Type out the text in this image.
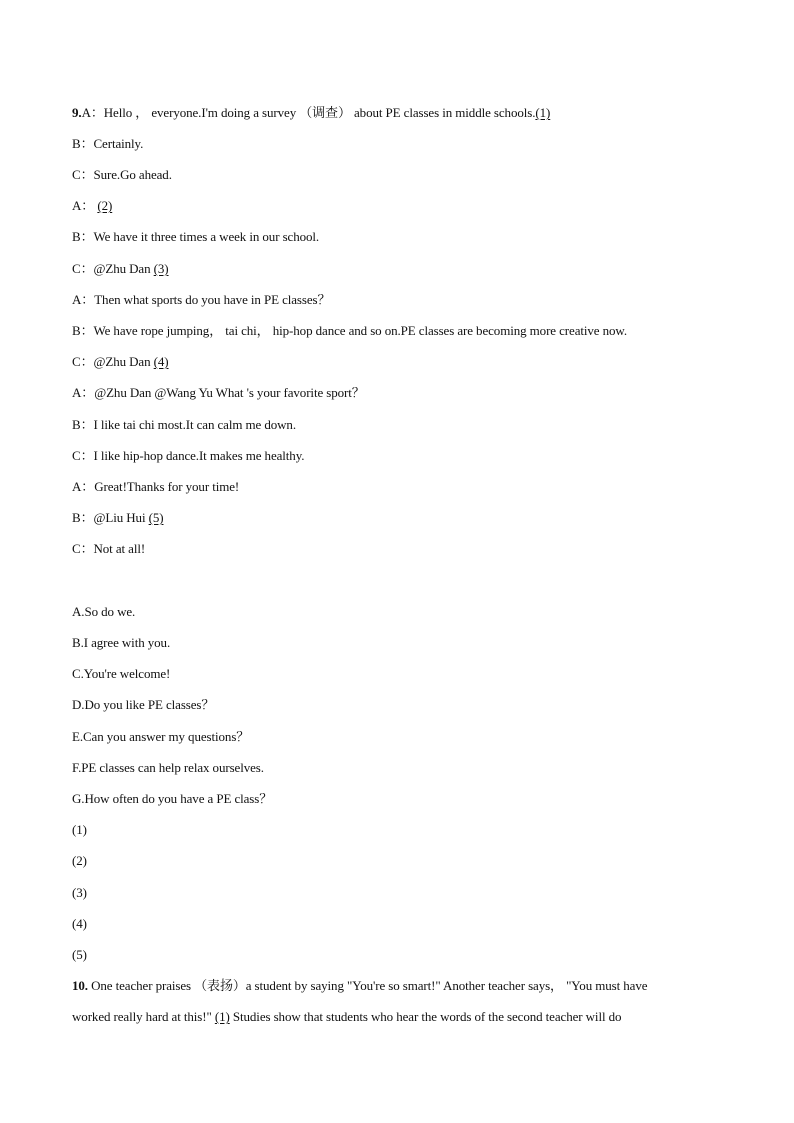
9.A：Hello ， everyone.I'm doing a survey （调查） about PE classes in middle schools.(1)
B：Certainly.
C：Sure.Go ahead.
A： (2)
B：We have it three times a week in our school.
C：@Zhu Dan (3)
A：Then what sports do you have in PE classes？
B：We have rope jumping， tai chi， hip-hop dance and so on.PE classes are becoming more creative now.
C：@Zhu Dan (4)
A：@Zhu Dan @Wang Yu What 's your favorite sport？
B：I like tai chi most.It can calm me down.
C：I like hip-hop dance.It makes me healthy.
A：Great!Thanks for your time!
B：@Liu Hui (5)
C：Not at all!
A.So do we.
B.I agree with you.
C.You're welcome!
D.Do you like PE classes？
E.Can you answer my questions？
F.PE classes can help relax ourselves.
G.How often do you have a PE class？
(1)
(2)
(3)
(4)
(5)
10. One teacher praises （表扬）a student by saying "You're so smart!" Another teacher says， "You must have
worked really hard at this!" (1) Studies show that students who hear the words of the second teacher will do
